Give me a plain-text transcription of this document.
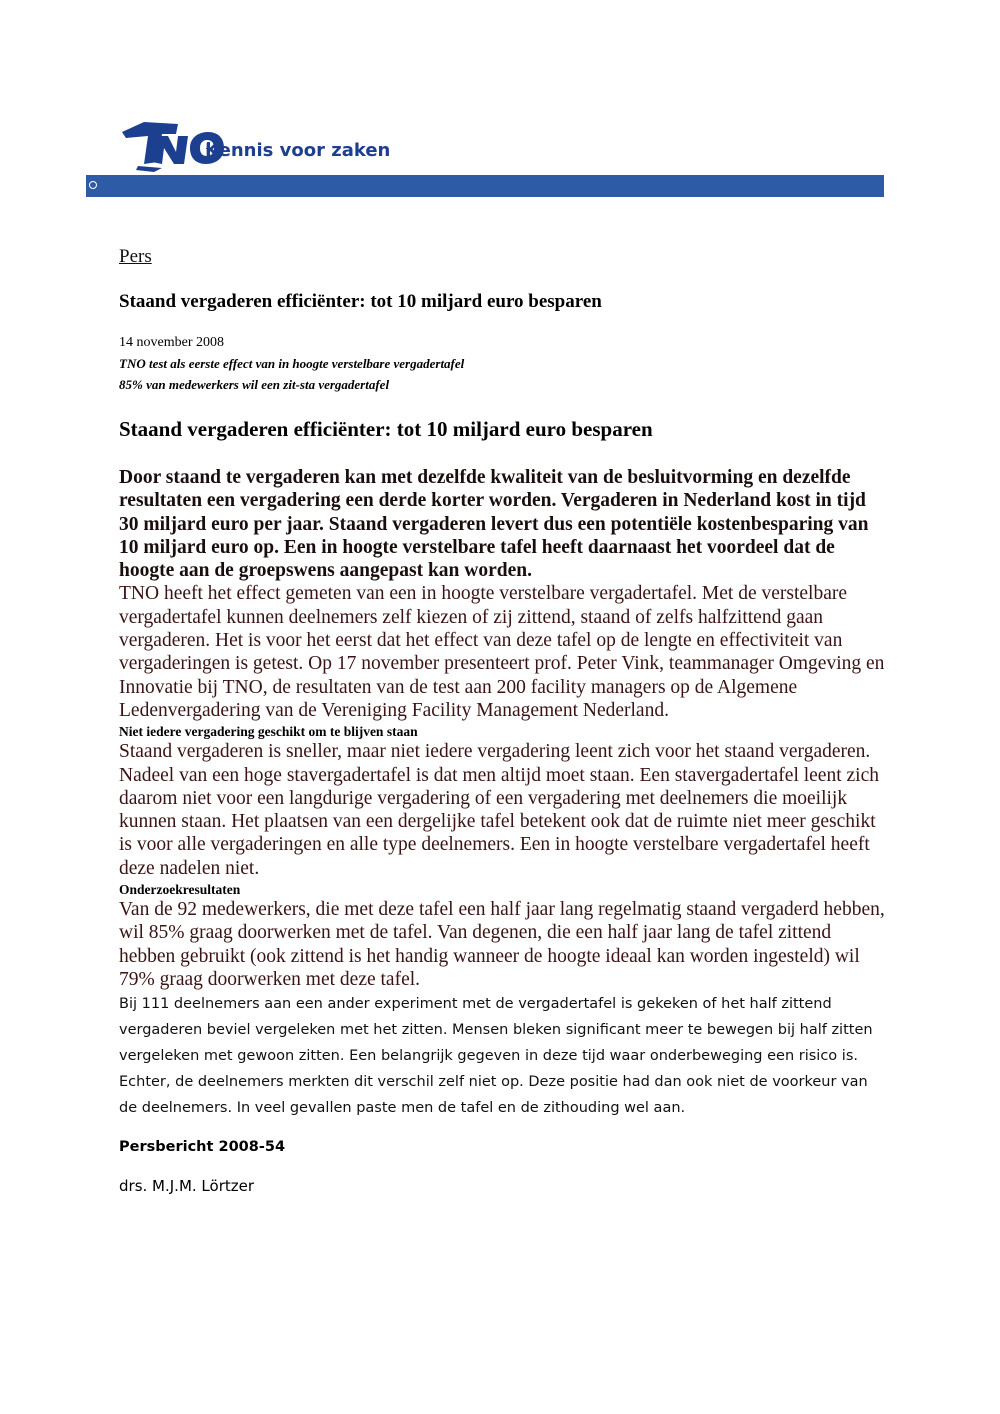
Kennis voor zaken
Pers
Staand vergaderen efficiënter: tot 10 miljard euro besparen
14 november 2008
TNO test als eerste effect van in hoogte verstelbare vergadertafel
85% van medewerkers wil een zit-sta vergadertafel
Staand vergaderen efficiënter: tot 10 miljard euro besparen
Door staand te vergaderen kan met dezelfde kwaliteit van de besluitvorming en dezelfde resultaten een vergadering een derde korter worden. Vergaderen in Nederland kost in tijd 30 miljard euro per jaar. Staand vergaderen levert dus een potentiële kostenbesparing van 10 miljard euro op. Een in hoogte verstelbare tafel heeft daarnaast het voordeel dat de hoogte aan de groepswens aangepast kan worden.
TNO heeft het effect gemeten van een in hoogte verstelbare vergadertafel. Met de verstelbare vergadertafel kunnen deelnemers zelf kiezen of zij zittend, staand of zelfs halfzittend gaan vergaderen. Het is voor het eerst dat het effect van deze tafel op de lengte en effectiviteit van vergaderingen is getest. Op 17 november presenteert prof. Peter Vink, teammanager Omgeving en Innovatie bij TNO, de resultaten van de test aan 200 facility managers op de Algemene Ledenvergadering van de Vereniging Facility Management Nederland.
Niet iedere vergadering geschikt om te blijven staan
Staand vergaderen is sneller, maar niet iedere vergadering leent zich voor het staand vergaderen. Nadeel van een hoge stavergadertafel is dat men altijd moet staan. Een stavergadertafel leent zich daarom niet voor een langdurige vergadering of een vergadering met deelnemers die moeilijk kunnen staan. Het plaatsen van een dergelijke tafel betekent ook dat de ruimte niet meer geschikt is voor alle vergaderingen en alle type deelnemers. Een in hoogte verstelbare vergadertafel heeft deze nadelen niet.
Onderzoekresultaten
Van de 92 medewerkers, die met deze tafel een half jaar lang regelmatig staand vergaderd hebben, wil 85% graag doorwerken met de tafel. Van degenen, die een half jaar lang de tafel zittend hebben gebruikt (ook zittend is het handig wanneer de hoogte ideaal kan worden ingesteld) wil 79% graag doorwerken met deze tafel.
Bij 111 deelnemers aan een ander experiment met de vergadertafel is gekeken of het half zittend vergaderen beviel vergeleken met het zitten. Mensen bleken significant meer te bewegen bij half zitten vergeleken met gewoon zitten. Een belangrijk gegeven in deze tijd waar onderbeweging een risico is. Echter, de deelnemers merkten dit verschil zelf niet op. Deze positie had dan ook niet de voorkeur van de deelnemers. In veel gevallen paste men de tafel en de zithouding wel aan.
Persbericht 2008-54
drs. M.J.M. Lörtzer
